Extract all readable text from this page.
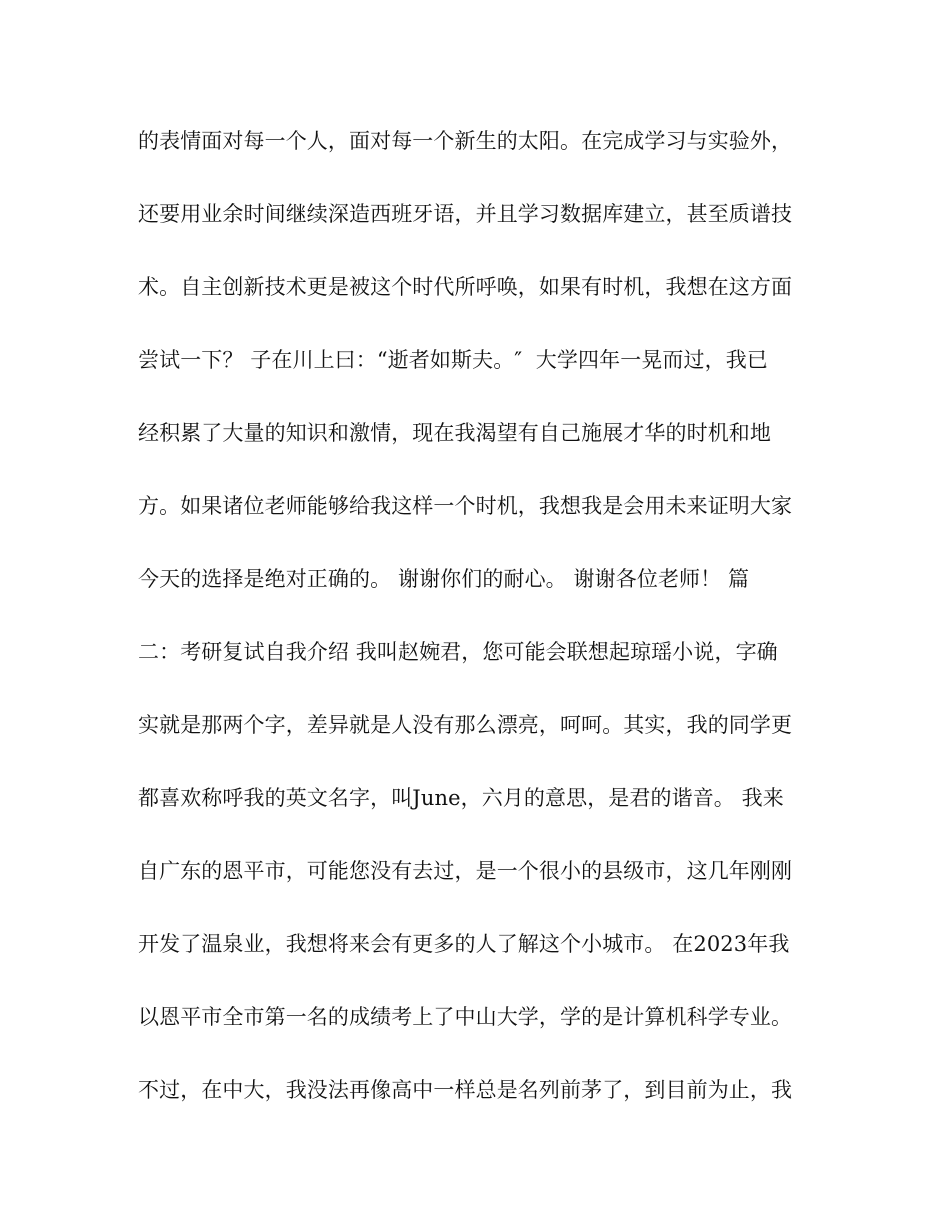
的表情面对每一个人，面对每一个新生的太阳。在完成学习与实验外，
还要用业余时间继续深造西班牙语，并且学习数据库建立，甚至质谱技
术。自主创新技术更是被这个时代所呼唤，如果有时机，我想在这方面
尝试一下？ 子在川上曰：“逝者如斯夫。″  大学四年一晃而过，我已
经积累了大量的知识和激情，现在我渴望有自己施展才华的时机和地
方。如果诸位老师能够给我这样一个时机，我想我是会用未来证明大家
今天的选择是绝对正确的。 谢谢你们的耐心。 谢谢各位老师！ 篇
二：考研复试自我介绍 我叫赵婉君，您可能会联想起琼瑶小说，字确
实就是那两个字，差异就是人没有那么漂亮，呵呵。其实，我的同学更
都喜欢称呼我的英文名字，叫June，六月的意思，是君的谐音。 我来
自广东的恩平市，可能您没有去过，是一个很小的县级市，这几年刚刚
开发了温泉业，我想将来会有更多的人了解这个小城市。 在2023年我
以恩平市全市第一名的成绩考上了中山大学，学的是计算机科学专业。
不过，在中大，我没法再像高中一样总是名列前茅了，到目前为止，我
